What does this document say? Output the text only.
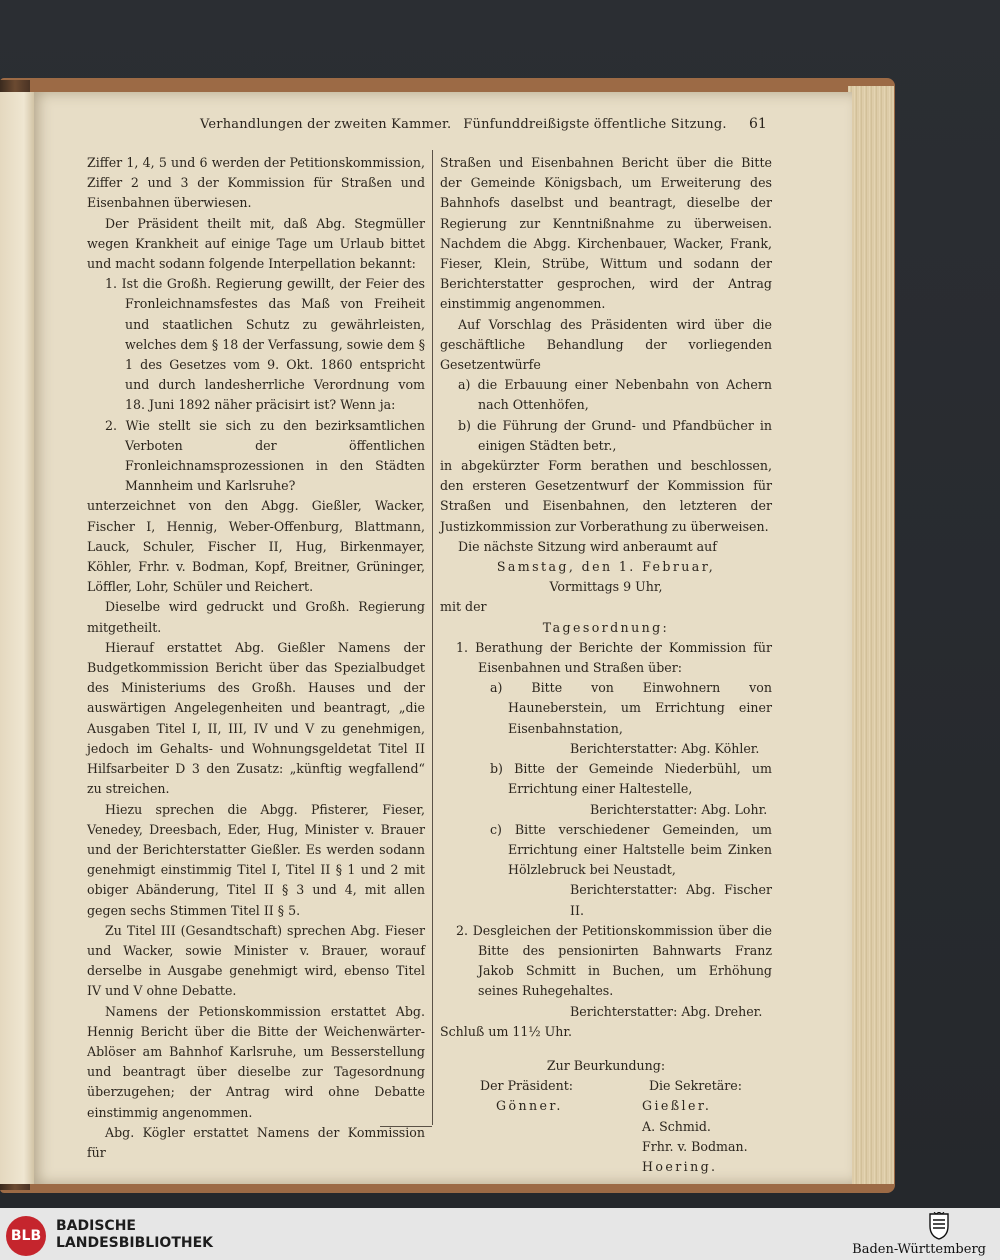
Verhandlungen der zweiten Kammer. Fünfunddreißigste öffentliche Sitzung. 61

Ziffer 1, 4, 5 und 6 werden der Petitionskommission, Ziffer 2 und 3 der Kommission für Straßen und Eisenbahnen überwiesen.

Der Präsident theilt mit, daß Abg. Stegmüller wegen Krankheit auf einige Tage um Urlaub bittet und macht sodann folgende Interpellation bekannt:

1. Ist die Großh. Regierung gewillt, der Feier des Fronleichnamsfestes das Maß von Freiheit und staatlichen Schutz zu gewährleisten, welches dem § 18 der Verfassung, sowie dem § 1 des Gesetzes vom 9. Okt. 1860 entspricht und durch landesherrliche Verordnung vom 18. Juni 1892 näher präcisirt ist? Wenn ja:

2. Wie stellt sie sich zu den bezirksamtlichen Verboten der öffentlichen Fronleichnamsprozessionen in den Städten Mannheim und Karlsruhe?

unterzeichnet von den Abgg. Gießler, Wacker, Fischer I, Hennig, Weber-Offenburg, Blattmann, Lauck, Schuler, Fischer II, Hug, Birkenmayer, Köhler, Frhr. v. Bodman, Kopf, Breitner, Grüninger, Löffler, Lohr, Schüler und Reichert.

Dieselbe wird gedruckt und Großh. Regierung mitgetheilt.

Hierauf erstattet Abg. Gießler Namens der Budgetkommission Bericht über das Spezialbudget des Ministeriums des Großh. Hauses und der auswärtigen Angelegenheiten und beantragt, „die Ausgaben Titel I, II, III, IV und V zu genehmigen, jedoch im Gehalts- und Wohnungsgeldetat Titel II Hilfsarbeiter D 3 den Zusatz: „künftig wegfallend“ zu streichen.

Hiezu sprechen die Abgg. Pfisterer, Fieser, Venedey, Dreesbach, Eder, Hug, Minister v. Brauer und der Berichterstatter Gießler. Es werden sodann genehmigt einstimmig Titel I, Titel II § 1 und 2 mit obiger Abänderung, Titel II § 3 und 4, mit allen gegen sechs Stimmen Titel II § 5.

Zu Titel III (Gesandtschaft) sprechen Abg. Fieser und Wacker, sowie Minister v. Brauer, worauf derselbe in Ausgabe genehmigt wird, ebenso Titel IV und V ohne Debatte.

Namens der Petionskommission erstattet Abg. Hennig Bericht über die Bitte der Weichenwärter-Ablöser am Bahnhof Karlsruhe, um Besserstellung und beantragt über dieselbe zur Tagesordnung überzugehen; der Antrag wird ohne Debatte einstimmig angenommen.

Abg. Kögler erstattet Namens der Kommission für

Straßen und Eisenbahnen Bericht über die Bitte der Gemeinde Königsbach, um Erweiterung des Bahnhofs daselbst und beantragt, dieselbe der Regierung zur Kenntnißnahme zu überweisen. Nachdem die Abgg. Kirchenbauer, Wacker, Frank, Fieser, Klein, Strübe, Wittum und sodann der Berichterstatter gesprochen, wird der Antrag einstimmig angenommen.

Auf Vorschlag des Präsidenten wird über die geschäftliche Behandlung der vorliegenden Gesetzentwürfe

a) die Erbauung einer Nebenbahn von Achern nach Ottenhöfen,

b) die Führung der Grund- und Pfandbücher in einigen Städten betr.,

in abgekürzter Form berathen und beschlossen, den ersteren Gesetzentwurf der Kommission für Straßen und Eisenbahnen, den letzteren der Justizkommission zur Vorberathung zu überweisen.

Die nächste Sitzung wird anberaumt auf

Samstag, den 1. Februar,

Vormittags 9 Uhr,

mit der

Tagesordnung:

1. Berathung der Berichte der Kommission für Eisenbahnen und Straßen über:

a) Bitte von Einwohnern von Hauneberstein, um Errichtung einer Eisenbahnstation,

Berichterstatter: Abg. Köhler.

b) Bitte der Gemeinde Niederbühl, um Errichtung einer Haltestelle,

Berichterstatter: Abg. Lohr.

c) Bitte verschiedener Gemeinden, um Errichtung einer Haltstelle beim Zinken Hölzlebruck bei Neustadt,

Berichterstatter: Abg. Fischer II.

2. Desgleichen der Petitionskommission über die Bitte des pensionirten Bahnwarts Franz Jakob Schmitt in Buchen, um Erhöhung seines Ruhegehaltes.

Berichterstatter: Abg. Dreher.

Schluß um 11½ Uhr.

Zur Beurkundung:

Der Präsident:	Die Sekretäre:
Gönner.	Gießler.
A. Schmid.
Frhr. v. Bodman.
Hoering.
BLB
BADISCHE
LANDESBIBLIOTHEK	Baden-Württemberg
